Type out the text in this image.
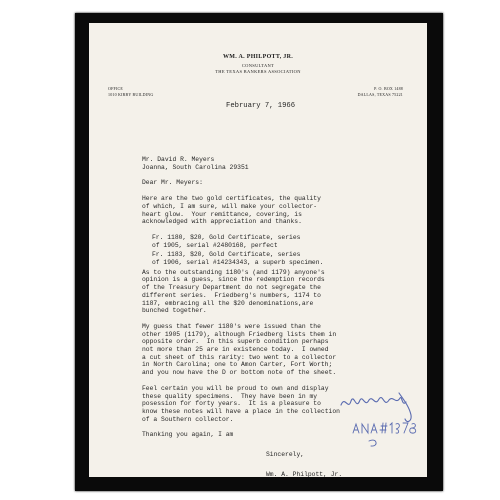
WM. A. PHILPOTT, JR.
CONSULTANT
THE TEXAS BANKERS ASSOCIATION
OFFICE
1010 KIRBY BUILDING
P. O. BOX 1488
DALLAS, TEXAS 75221
February 7, 1966
Mr. David R. Meyers
Joanna, South Carolina 29351
Dear Mr. Meyers:
Here are the two gold certificates, the quality
of which, I am sure, will make your collector-
heart glow.  Your remittance, covering, is
acknowledged with appreciation and thanks.
Fr. 1180, $20, Gold Certificate, series
of 1905, serial #2480168, perfect
Fr. 1183, $20, Gold Certificate, series
of 1906, serial #14234343, a superb specimen.
As to the outstanding 1180's (and 1179) anyone's
opinion is a guess, since the redemption records
of the Treasury Department do not segregate the
different series.  Friedberg's numbers, 1174 to
1187, embracing all the $20 denominations,are
bunched together.
My guess that fewer 1180's were issued than the
other 1905 (1179), although Friedberg lists them in
opposite order.  In this superb condition perhaps
not more than 25 are in existence today.  I owned
a cut sheet of this rarity: two went to a collector
in North Carolina; one to Amon Carter, Fort Worth;
and you now have the D or bottom note of the sheet.
Feel certain you will be proud to own and display
these quality specimens.  They have been in my
posession for forty years.  It is a pleasure to
know these notes will have a place in the collection
of a Southern collector.
Thanking you again, I am
Sincerely,
Wm. A. Philpott, Jr.
